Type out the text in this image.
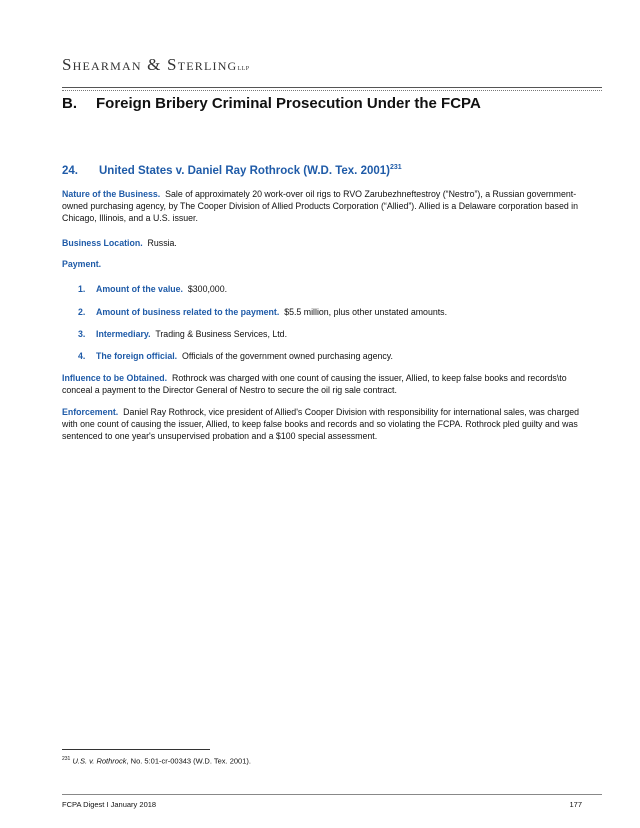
Shearman & SterlingLLP
B. Foreign Bribery Criminal Prosecution Under the FCPA
24. United States v. Daniel Ray Rothrock (W.D. Tex. 2001)$^{231}$
Nature of the Business. Sale of approximately 20 work-over oil rigs to RVO Zarubezhneftestroy (“Nestro”), a Russian government-owned purchasing agency, by The Cooper Division of Allied Products Corporation (“Allied”). Allied is a Delaware corporation based in Chicago, Illinois, and a U.S. issuer.
Business Location. Russia.
Payment.
1. Amount of the value. $300,000.
2. Amount of business related to the payment. $5.5 million, plus other unstated amounts.
3. Intermediary. Trading & Business Services, Ltd.
4. The foreign official. Officials of the government owned purchasing agency.
Influence to be Obtained. Rothrock was charged with one count of causing the issuer, Allied, to keep false books and records\to conceal a payment to the Director General of Nestro to secure the oil rig sale contract.
Enforcement. Daniel Ray Rothrock, vice president of Allied's Cooper Division with responsibility for international sales, was charged with one count of causing the issuer, Allied, to keep false books and records and so violating the FCPA. Rothrock pled guilty and was sentenced to one year's unsupervised probation and a $100 special assessment.
$^{231}$ U.S. v. Rothrock, No. 5:01-cr-00343 (W.D. Tex. 2001).
FCPA Digest I January 2018	177
